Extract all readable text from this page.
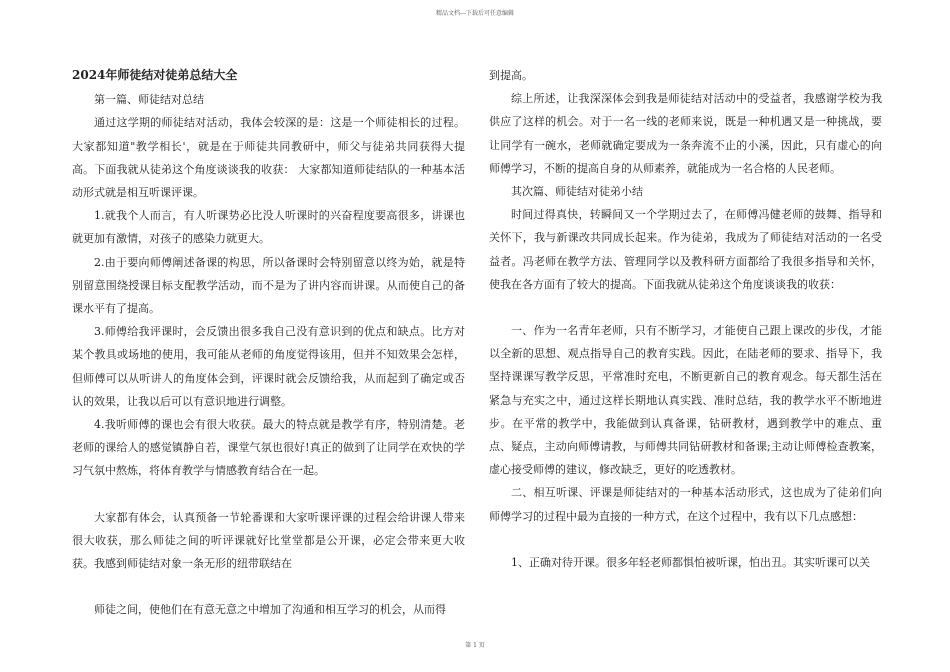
精品文档---下载后可任意编辑

2024年师徒结对徒弟总结大全

第一篇、师徒结对总结

通过这学期的师徒结对活动，我体会较深的是：这是一个师徒相长的过程。大家都知道"教学相长'，就是在于师徒共同教研中，师父与徒弟共同获得大提高。下面我就从徒弟这个角度谈谈我的收获： 大家都知道师徒结队的一种基本活动形式就是相互听课评课。

1.就我个人而言，有人听课势必比没人听课时的兴奋程度要高很多，讲课也就更加有激情，对孩子的感染力就更大。

2.由于要向师傅阐述备课的构思，所以备课时会特别留意以终为始，就是特别留意围绕授课目标支配教学活动，而不是为了讲内容而讲课。从而使自己的备课水平有了提高。

3.师傅给我评课时，会反馈出很多我自己没有意识到的优点和缺点。比方对某个教具或场地的使用，我可能从老师的角度觉得该用，但并不知效果会怎样，但师傅可以从听讲人的角度体会到，评课时就会反馈给我，从而起到了确定或否认的效果，让我以后可以有意识地进行调整。

4.我听师傅的课也会有很大收获。最大的特点就是教学有序，特别清楚。老老师的课给人的感觉镇静自若，课堂气氛也很好!真正的做到了让同学在欢快的学习气氛中熬炼，将体育教学与情感教育结合在一起。

大家都有体会，认真预备一节轮番课和大家听课评课的过程会给讲课人带来很大收获，那么师徒之间的听评课就好比堂堂都是公开课，必定会带来更大收获。我感到师徒结对象一条无形的纽带联结在

师徒之间，使他们在有意无意之中增加了沟通和相互学习的机会，从而得

到提高。

综上所述，让我深深体会到我是师徒结对活动中的受益者，我感谢学校为我供应了这样的机会。对于一名一线的老师来说，既是一种机遇又是一种挑战，要让同学有一碗水，老师就确定要成为一条奔流不止的小溪，因此，只有虚心的向师傅学习，不断的提高自身的从师素养，就能成为一名合格的人民老师。

其次篇、师徒结对徒弟小结

时间过得真快，转瞬间又一个学期过去了，在师傅冯健老师的鼓舞、指导和关怀下，我与新课改共同成长起来。作为徒弟，我成为了师徒结对活动的一名受益者。冯老师在教学方法、管理同学以及教科研方面都给了我很多指导和关怀，使我在各方面有了较大的提高。下面我就从徒弟这个角度谈谈我的收获：

一、作为一名青年老师，只有不断学习，才能使自己跟上课改的步伐，才能以全新的思想、观点指导自己的教育实践。因此，在陆老师的要求、指导下，我坚持课课写教学反思，平常准时充电，不断更新自己的教育观念。每天都生活在紧急与充实之中，通过这样长期地认真实践、准时总结，我的教学水平不断地进步。在平常的教学中，我能做到认真备课，钻研教材，遇到教学中的难点、重点、疑点，主动向师傅请教，与师傅共同钻研教材和备课;主动让师傅检查教案，虚心接受师傅的建议，修改缺乏，更好的吃透教材。

二、相互听课、评课是师徒结对的一种基本活动形式，这也成为了徒弟们向师傅学习的过程中最为直接的一种方式，在这个过程中，我有以下几点感想：

1、正确对待开课。很多年轻老师都惧怕被听课，怕出丑。其实听课可以关

第 1 页
